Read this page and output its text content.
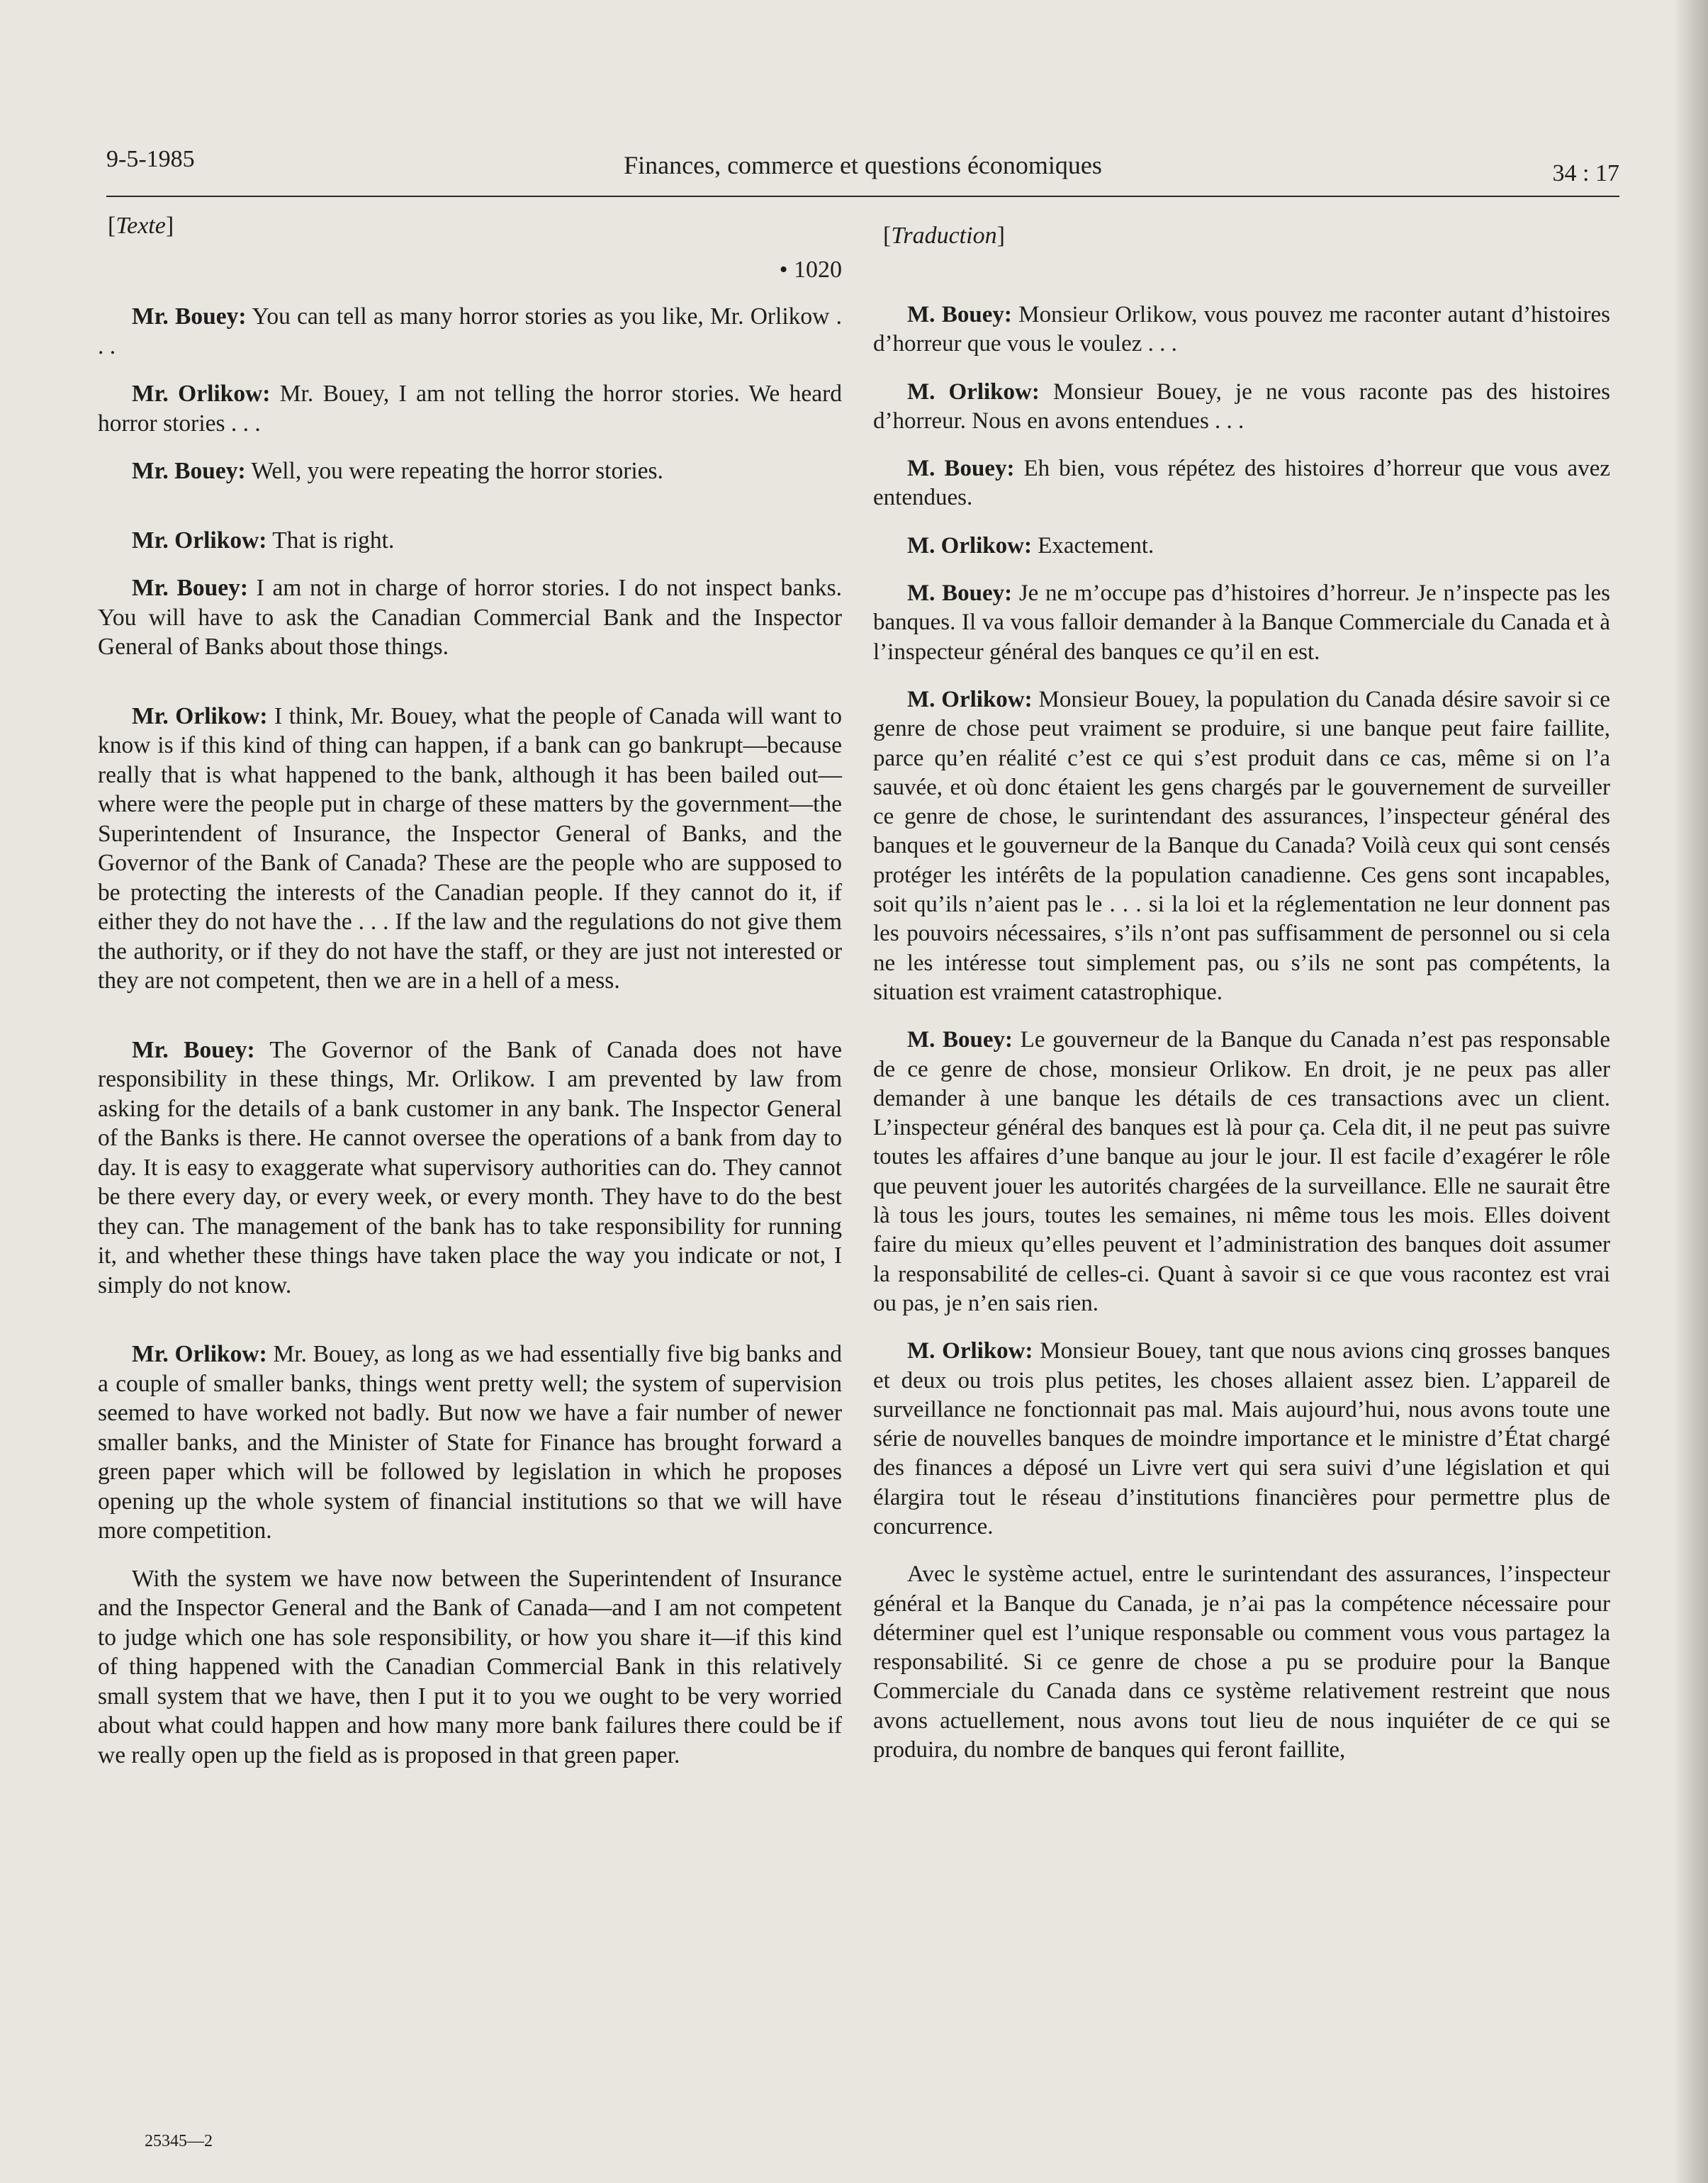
9-5-1985	Finances, commerce et questions économiques	34 : 17
[Texte]
• 1020

Mr. Bouey: You can tell as many horror stories as you like, Mr. Orlikow . . .

Mr. Orlikow: Mr. Bouey, I am not telling the horror stories. We heard horror stories . . .

Mr. Bouey: Well, you were repeating the horror stories.

Mr. Orlikow: That is right.

Mr. Bouey: I am not in charge of horror stories. I do not inspect banks. You will have to ask the Canadian Commercial Bank and the Inspector General of Banks about those things.

Mr. Orlikow: I think, Mr. Bouey, what the people of Canada will want to know is if this kind of thing can happen, if a bank can go bankrupt—because really that is what happened to the bank, although it has been bailed out—where were the people put in charge of these matters by the government—the Superintendent of Insurance, the Inspector General of Banks, and the Governor of the Bank of Canada? These are the people who are supposed to be protecting the interests of the Canadian people. If they cannot do it, if either they do not have the . . . If the law and the regulations do not give them the authority, or if they do not have the staff, or they are just not interested or they are not competent, then we are in a hell of a mess.

Mr. Bouey: The Governor of the Bank of Canada does not have responsibility in these things, Mr. Orlikow. I am prevented by law from asking for the details of a bank customer in any bank. The Inspector General of the Banks is there. He cannot oversee the operations of a bank from day to day. It is easy to exaggerate what supervisory authorities can do. They cannot be there every day, or every week, or every month. They have to do the best they can. The management of the bank has to take responsibility for running it, and whether these things have taken place the way you indicate or not, I simply do not know.

Mr. Orlikow: Mr. Bouey, as long as we had essentially five big banks and a couple of smaller banks, things went pretty well; the system of supervision seemed to have worked not badly. But now we have a fair number of newer smaller banks, and the Minister of State for Finance has brought forward a green paper which will be followed by legislation in which he proposes opening up the whole system of financial institutions so that we will have more competition.

With the system we have now between the Superintendent of Insurance and the Inspector General and the Bank of Canada—and I am not competent to judge which one has sole responsibility, or how you share it—if this kind of thing happened with the Canadian Commercial Bank in this relatively small system that we have, then I put it to you we ought to be very worried about what could happen and how many more bank failures there could be if we really open up the field as is proposed in that green paper.

[Traduction]

M. Bouey: Monsieur Orlikow, vous pouvez me raconter autant d’histoires d’horreur que vous le voulez . . .

M. Orlikow: Monsieur Bouey, je ne vous raconte pas des histoires d’horreur. Nous en avons entendues . . .

M. Bouey: Eh bien, vous répétez des histoires d’horreur que vous avez entendues.

M. Orlikow: Exactement.

M. Bouey: Je ne m’occupe pas d’histoires d’horreur. Je n’inspecte pas les banques. Il va vous falloir demander à la Banque Commerciale du Canada et à l’inspecteur général des banques ce qu’il en est.

M. Orlikow: Monsieur Bouey, la population du Canada désire savoir si ce genre de chose peut vraiment se produire, si une banque peut faire faillite, parce qu’en réalité c’est ce qui s’est produit dans ce cas, même si on l’a sauvée, et où donc étaient les gens chargés par le gouvernement de surveiller ce genre de chose, le surintendant des assurances, l’inspecteur général des banques et le gouverneur de la Banque du Canada? Voilà ceux qui sont censés protéger les intérêts de la population canadienne. Ces gens sont incapables, soit qu’ils n’aient pas le . . . si la loi et la réglementation ne leur donnent pas les pouvoirs nécessaires, s’ils n’ont pas suffisamment de personnel ou si cela ne les intéresse tout simplement pas, ou s’ils ne sont pas compétents, la situation est vraiment catastrophique.

M. Bouey: Le gouverneur de la Banque du Canada n’est pas responsable de ce genre de chose, monsieur Orlikow. En droit, je ne peux pas aller demander à une banque les détails de ces transactions avec un client. L’inspecteur général des banques est là pour ça. Cela dit, il ne peut pas suivre toutes les affaires d’une banque au jour le jour. Il est facile d’exagérer le rôle que peuvent jouer les autorités chargées de la surveillance. Elle ne saurait être là tous les jours, toutes les semaines, ni même tous les mois. Elles doivent faire du mieux qu’elles peuvent et l’administration des banques doit assumer la responsabilité de celles-ci. Quant à savoir si ce que vous racontez est vrai ou pas, je n’en sais rien.

M. Orlikow: Monsieur Bouey, tant que nous avions cinq grosses banques et deux ou trois plus petites, les choses allaient assez bien. L’appareil de surveillance ne fonctionnait pas mal. Mais aujourd’hui, nous avons toute une série de nouvelles banques de moindre importance et le ministre d’État chargé des finances a déposé un Livre vert qui sera suivi d’une législation et qui élargira tout le réseau d’institutions financières pour permettre plus de concurrence.

Avec le système actuel, entre le surintendant des assurances, l’inspecteur général et la Banque du Canada, je n’ai pas la compétence nécessaire pour déterminer quel est l’unique responsable ou comment vous vous partagez la responsabilité. Si ce genre de chose a pu se produire pour la Banque Commerciale du Canada dans ce système relativement restreint que nous avons actuellement, nous avons tout lieu de nous inquiéter de ce qui se produira, du nombre de banques qui feront faillite,

25345—2
